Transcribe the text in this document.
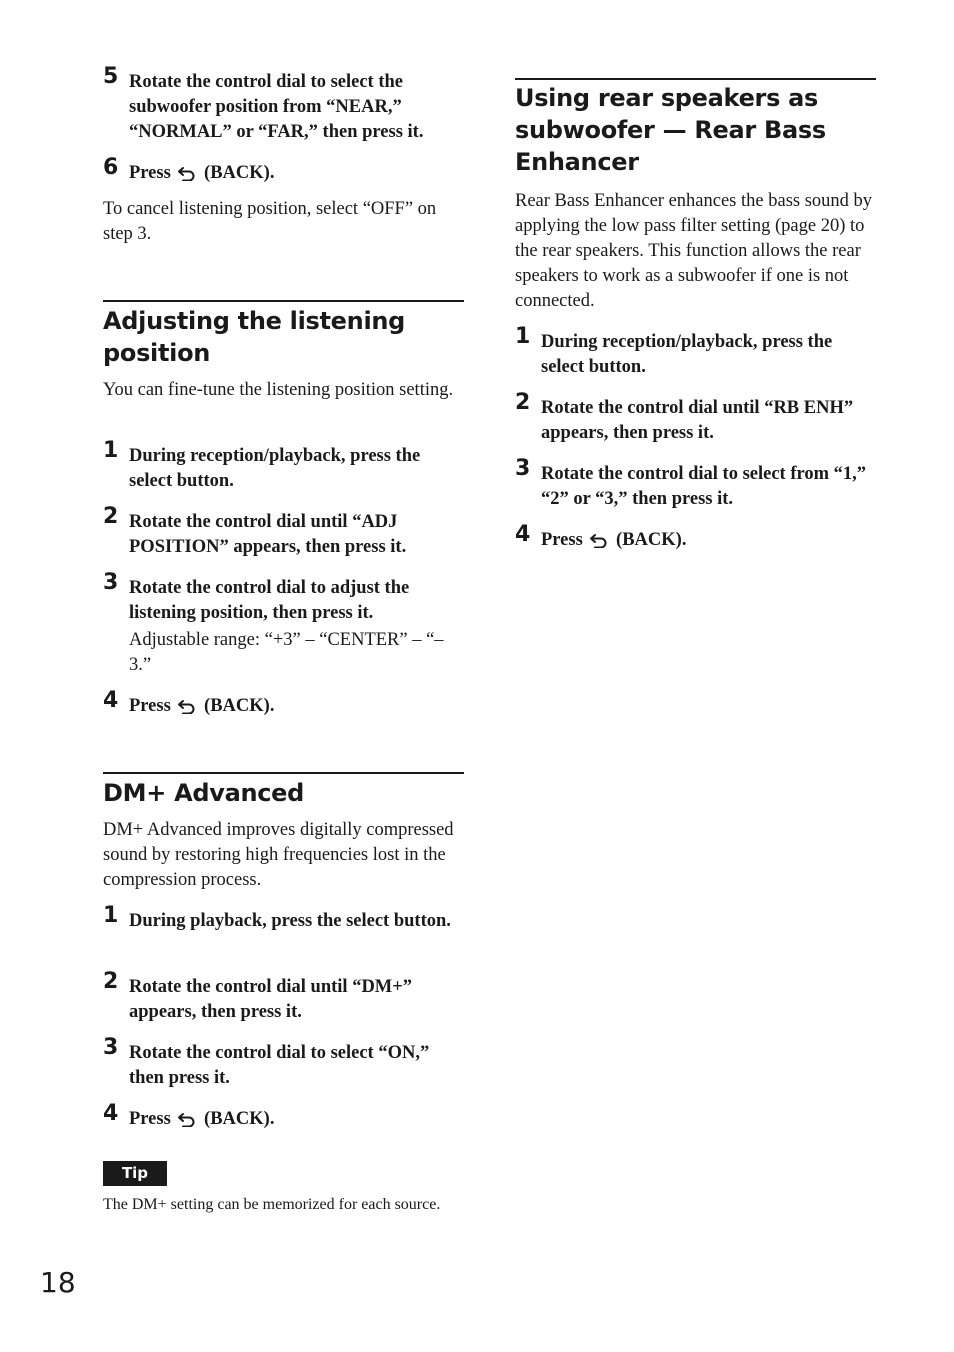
5 Rotate the control dial to select the subwoofer position from “NEAR,” “NORMAL” or “FAR,” then press it.
6 Press (BACK).
To cancel listening position, select “OFF” on step 3.
Adjusting the listening position
You can fine-tune the listening position setting.
1 During reception/playback, press the select button.
2 Rotate the control dial until “ADJ POSITION” appears, then press it.
3 Rotate the control dial to adjust the listening position, then press it.
Adjustable range: “+3” – “CENTER” – “–3.”
4 Press (BACK).
DM+ Advanced
DM+ Advanced improves digitally compressed sound by restoring high frequencies lost in the compression process.
1 During playback, press the select button.
2 Rotate the control dial until “DM+” appears, then press it.
3 Rotate the control dial to select “ON,” then press it.
4 Press (BACK).
Tip
The DM+ setting can be memorized for each source.
Using rear speakers as subwoofer — Rear Bass Enhancer
Rear Bass Enhancer enhances the bass sound by applying the low pass filter setting (page 20) to the rear speakers. This function allows the rear speakers to work as a subwoofer if one is not connected.
1 During reception/playback, press the select button.
2 Rotate the control dial until “RB ENH” appears, then press it.
3 Rotate the control dial to select from “1,” “2” or “3,” then press it.
4 Press (BACK).
18
